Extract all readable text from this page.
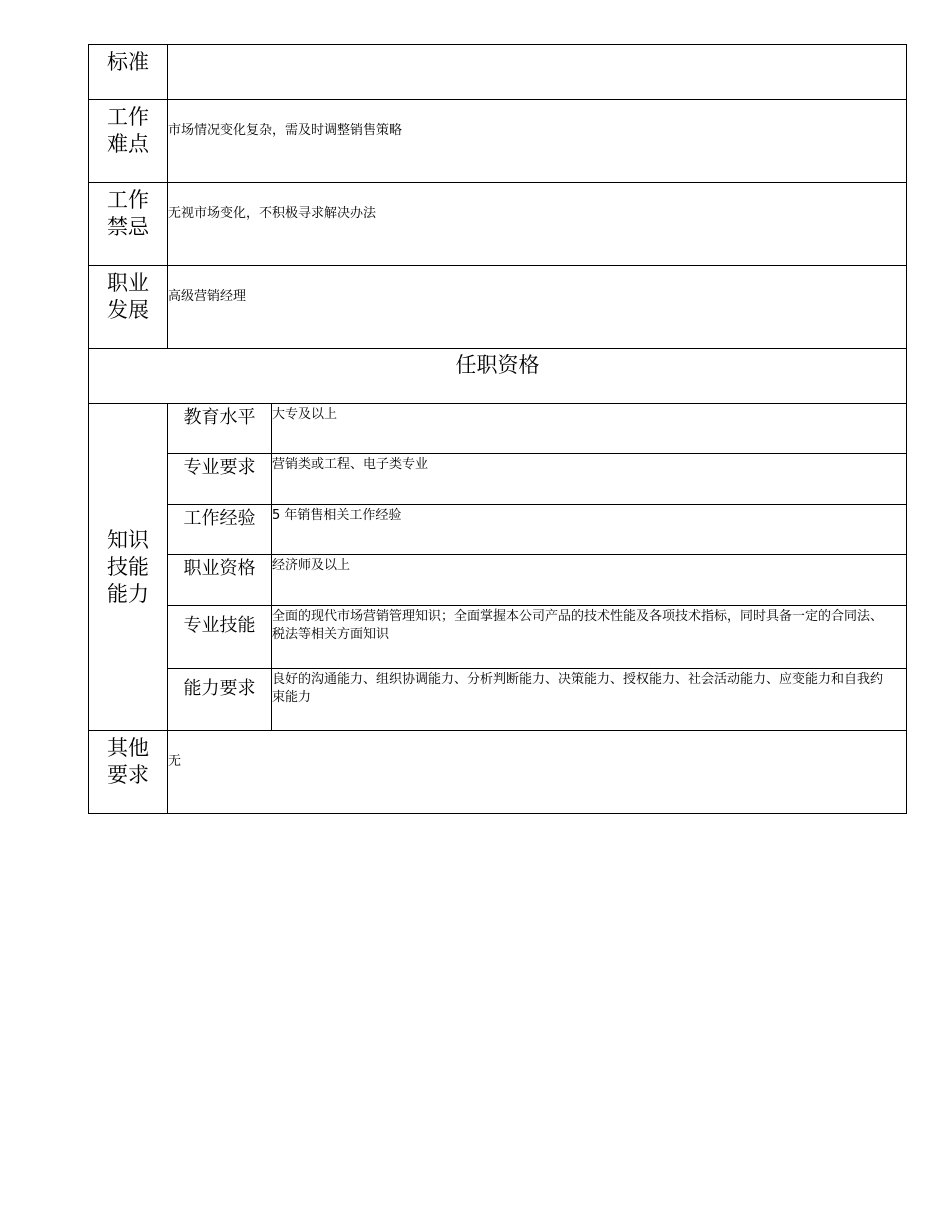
标准		

工作
难点	市场情况变化复杂，需及时调整销售策略	

工作
禁忌	无视市场变化，不积极寻求解决办法	

职业
发展	高级营销经理	
任职资格		

知识
技能
能力	教育水平	大专及以上
	专业要求	营销类或工程、电子类专业
	工作经验	5 年销售相关工作经验
	职业资格	经济师及以上
	专业技能	全面的现代市场营销管理知识；全面掌握本公司产品的技术性能及各项技术指标，同时具备一定的合同法、税法等相关方面知识
	能力要求	良好的沟通能力、组织协调能力、分析判断能力、决策能力、授权能力、社会活动能力、应变能力和自我约束能力

其他
要求	无	
